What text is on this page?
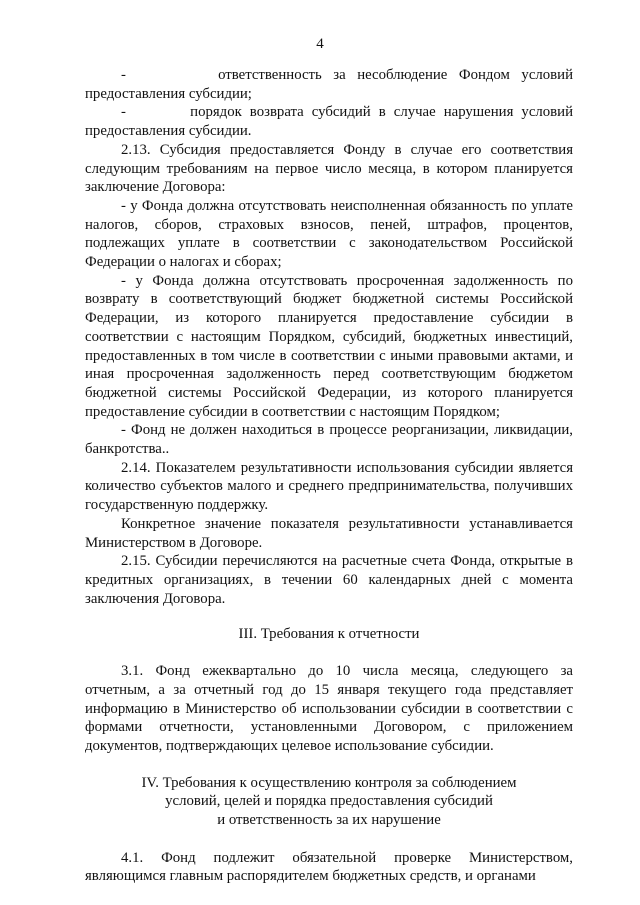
4

-        ответственность за несоблюдение Фондом условий предоставления субсидии;

-        порядок возврата субсидий в случае нарушения условий предоставления субсидии.

2.13. Субсидия предоставляется Фонду в случае его соответствия следующим требованиям на первое число месяца, в котором планируется заключение Договора:

- у Фонда должна отсутствовать неисполненная обязанность по уплате налогов, сборов, страховых взносов, пеней, штрафов, процентов, подлежащих уплате в соответствии с законодательством Российской Федерации о налогах и сборах;

- у Фонда должна отсутствовать просроченная задолженность по возврату в соответствующий бюджет бюджетной системы Российской Федерации, из которого планируется предоставление субсидии в соответствии с настоящим Порядком, субсидий, бюджетных инвестиций, предоставленных в том числе в соответствии с иными правовыми актами, и иная просроченная задолженность перед соответствующим бюджетом бюджетной системы Российской Федерации, из которого планируется предоставление субсидии в соответствии с настоящим Порядком;

- Фонд не должен находиться в процессе реорганизации, ликвидации, банкротства..

2.14. Показателем результативности использования субсидии является количество субъектов малого и среднего предпринимательства, получивших государственную поддержку.

Конкретное значение показателя результативности устанавливается Министерством в Договоре.

2.15. Субсидии перечисляются на расчетные счета Фонда, открытые в кредитных организациях, в течении 60 календарных дней с момента заключения Договора.

III. Требования к отчетности

3.1. Фонд ежеквартально до 10 числа месяца, следующего за отчетным, а за отчетный год до 15 января текущего года представляет информацию в Министерство об использовании субсидии в соответствии с формами отчетности, установленными Договором, с приложением документов, подтверждающих целевое использование субсидии.

IV. Требования к осуществлению контроля за соблюдением
условий, целей и порядка предоставления субсидий
и ответственность за их нарушение

4.1. Фонд подлежит обязательной проверке Министерством, являющимся главным распорядителем бюджетных средств, и органами
